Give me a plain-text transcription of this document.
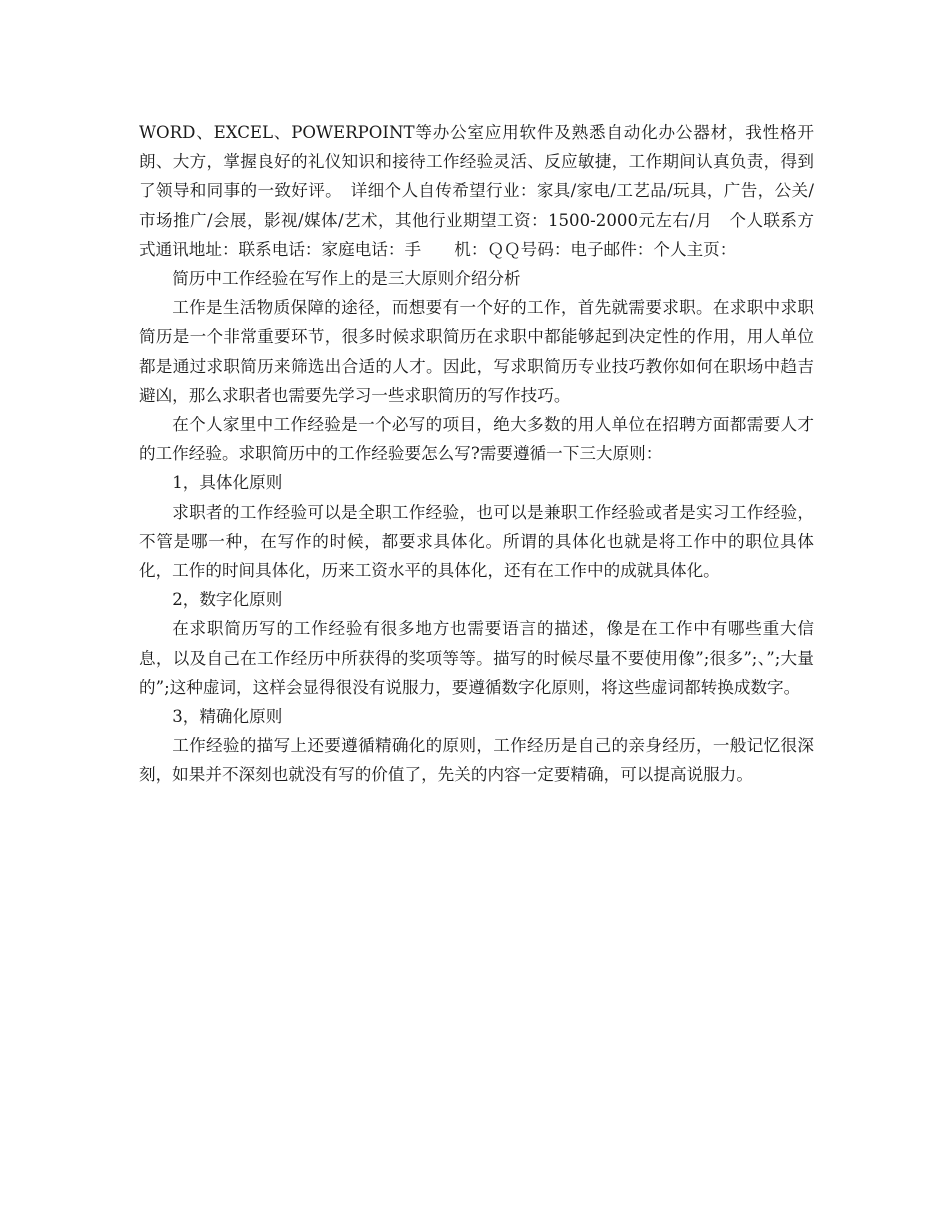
WORD、EXCEL、POWERPOINT等办公室应用软件及熟悉自动化办公器材，我性格开朗、大方，掌握良好的礼仪知识和接待工作经验灵活、反应敏捷，工作期间认真负责，得到了领导和同事的一致好评。　详细个人自传希望行业：家具/家电/工艺品/玩具，广告，公关/市场推广/会展，影视/媒体/艺术，其他行业期望工资：1500-2000元左右/月　个人联系方式通讯地址：联系电话：家庭电话：手　　机：ＱＱ号码：电子邮件：个人主页：

简历中工作经验在写作上的是三大原则介绍分析

工作是生活物质保障的途径，而想要有一个好的工作，首先就需要求职。在求职中求职简历是一个非常重要环节，很多时候求职简历在求职中都能够起到决定性的作用，用人单位都是通过求职简历来筛选出合适的人才。因此，写求职简历专业技巧教你如何在职场中趋吉避凶，那么求职者也需要先学习一些求职简历的写作技巧。

在个人家里中工作经验是一个必写的项目，绝大多数的用人单位在招聘方面都需要人才的工作经验。求职简历中的工作经验要怎么写?需要遵循一下三大原则：

1，具体化原则

求职者的工作经验可以是全职工作经验，也可以是兼职工作经验或者是实习工作经验，不管是哪一种，在写作的时候，都要求具体化。所谓的具体化也就是将工作中的职位具体化，工作的时间具体化，历来工资水平的具体化，还有在工作中的成就具体化。

2，数字化原则

在求职简历写的工作经验有很多地方也需要语言的描述，像是在工作中有哪些重大信息，以及自己在工作经历中所获得的奖项等等。描写的时候尽量不要使用像”;很多”;、”;大量的”;这种虚词，这样会显得很没有说服力，要遵循数字化原则，将这些虚词都转换成数字。

3，精确化原则

工作经验的描写上还要遵循精确化的原则，工作经历是自己的亲身经历，一般记忆很深刻，如果并不深刻也就没有写的价值了，先关的内容一定要精确，可以提高说服力。
